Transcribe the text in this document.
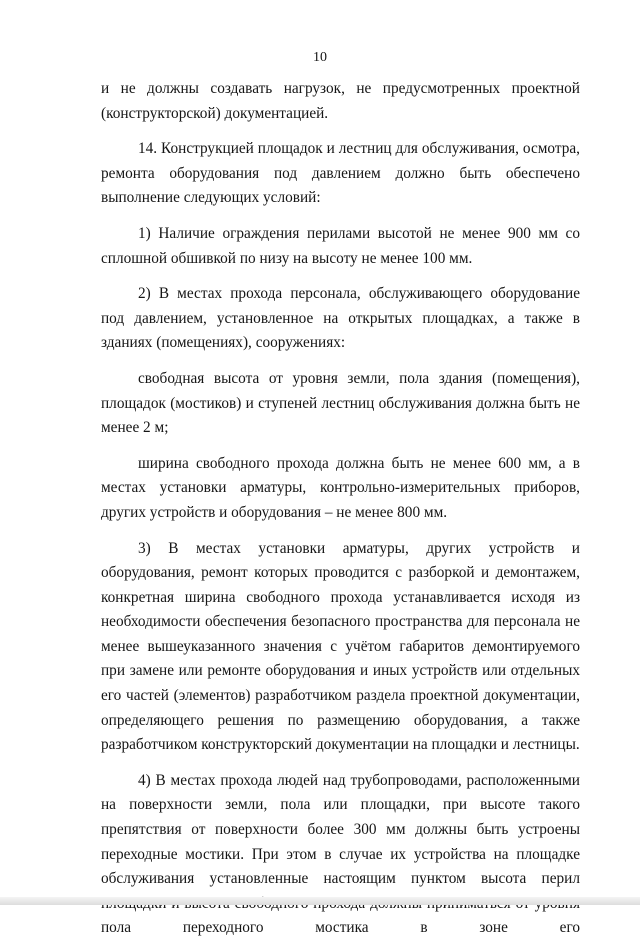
10

и не должны создавать нагрузок, не предусмотренных проектной (конструкторской) документацией.

14. Конструкцией площадок и лестниц для обслуживания, осмотра, ремонта оборудования под давлением должно быть обеспечено выполнение следующих условий:

1) Наличие ограждения перилами высотой не менее 900 мм со сплошной обшивкой по низу на высоту не менее 100 мм.

2) В местах прохода персонала, обслуживающего оборудование под давлением, установленное на открытых площадках, а также в зданиях (помещениях), сооружениях:

свободная высота от уровня земли, пола здания (помещения), площадок (мостиков) и ступеней лестниц обслуживания должна быть не менее 2 м;

ширина свободного прохода должна быть не менее 600 мм, а в местах установки арматуры, контрольно-измерительных приборов, других устройств и оборудования – не менее 800 мм.

3) В местах установки арматуры, других устройств и оборудования, ремонт которых проводится с разборкой и демонтажем, конкретная ширина свободного прохода устанавливается исходя из необходимости обеспечения безопасного пространства для персонала не менее вышеуказанного значения с учётом габаритов демонтируемого при замене или ремонте оборудования и иных устройств или отдельных его частей (элементов) разработчиком раздела проектной документации, определяющего решения по размещению оборудования, а также разработчиком конструкторский документации на площадки и лестницы.

4) В местах прохода людей над трубопроводами, расположенными на поверхности земли, пола или площадки, при высоте такого препятствия от поверхности более 300 мм должны быть устроены переходные мостики. При этом в случае их устройства на площадке обслуживания установленные настоящим пунктом высота перил пола переходного мостика в зоне его
